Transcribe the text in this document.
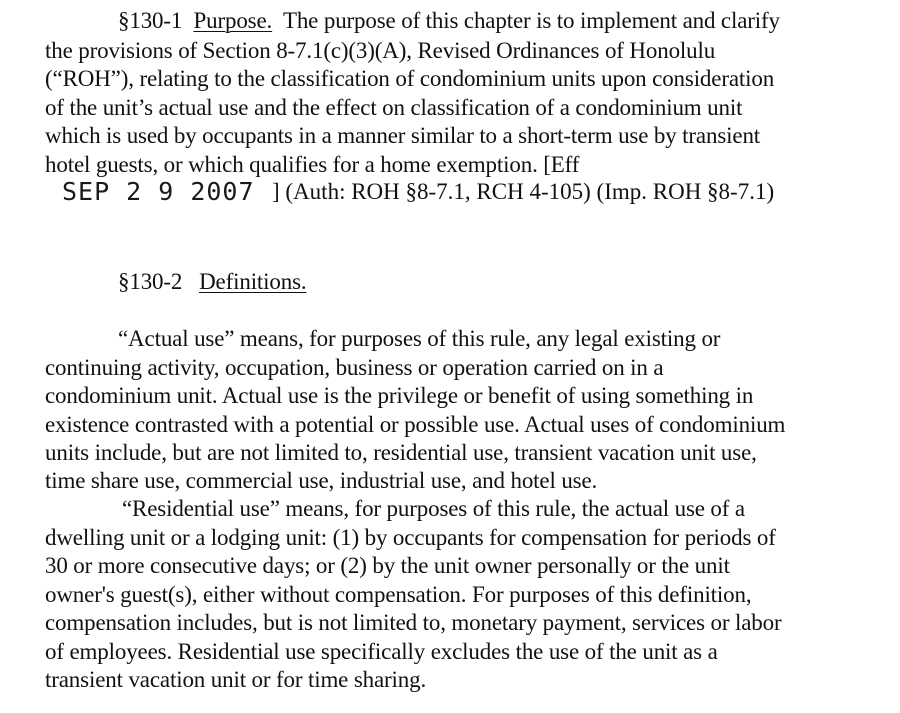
§130-1 Purpose. The purpose of this chapter is to implement and clarify
the provisions of Section 8-7.1(c)(3)(A), Revised Ordinances of Honolulu
(“ROH”), relating to the classification of condominium units upon consideration
of the unit’s actual use and the effect on classification of a condominium unit
which is used by occupants in a manner similar to a short-term use by transient
hotel guests, or which qualifies for a home exemption. [Eff
SEP 2 9 2007 ] (Auth: ROH §8-7.1, RCH 4-105) (Imp. ROH §8-7.1)
§130-2 Definitions.
“Actual use” means, for purposes of this rule, any legal existing or
continuing activity, occupation, business or operation carried on in a
condominium unit. Actual use is the privilege or benefit of using something in
existence contrasted with a potential or possible use. Actual uses of condominium
units include, but are not limited to, residential use, transient vacation unit use,
time share use, commercial use, industrial use, and hotel use.
“Residential use” means, for purposes of this rule, the actual use of a
dwelling unit or a lodging unit: (1) by occupants for compensation for periods of
30 or more consecutive days; or (2) by the unit owner personally or the unit
owner's guest(s), either without compensation. For purposes of this definition,
compensation includes, but is not limited to, monetary payment, services or labor
of employees. Residential use specifically excludes the use of the unit as a
transient vacation unit or for time sharing.
